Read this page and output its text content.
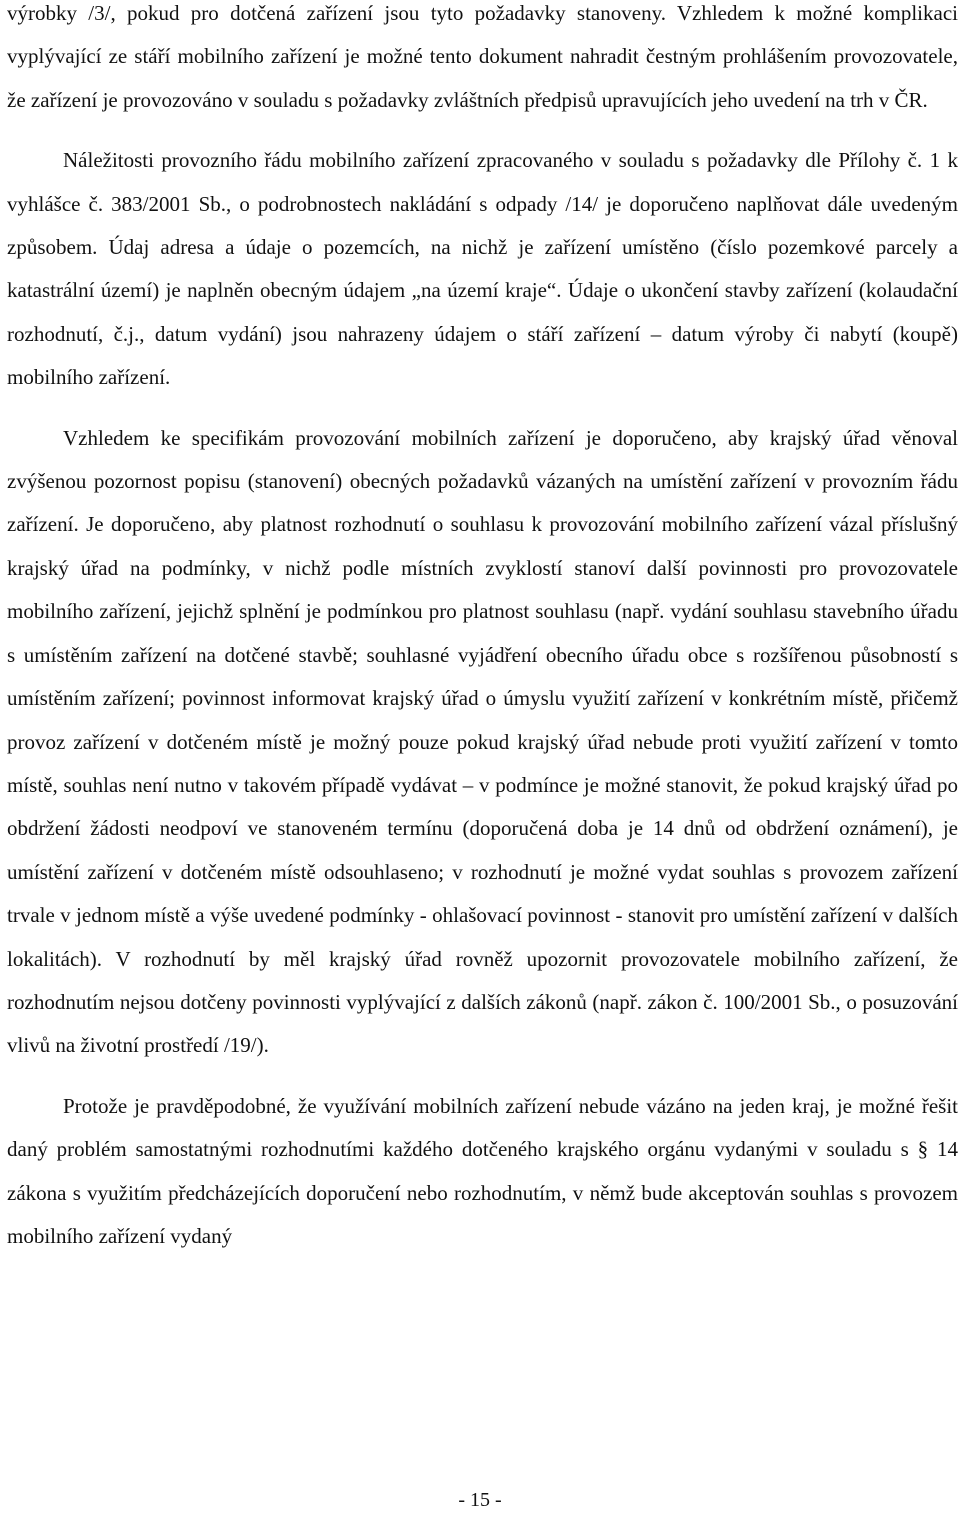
výrobky /3/, pokud pro dotčená zařízení jsou tyto požadavky stanoveny. Vzhledem k možné komplikaci vyplývající ze stáří mobilního zařízení je možné tento dokument nahradit čestným prohlášením provozovatele, že zařízení je provozováno v souladu s požadavky zvláštních předpisů upravujících jeho uvedení na trh v ČR.

Náležitosti provozního řádu mobilního zařízení zpracovaného v souladu s požadavky dle Přílohy č. 1 k vyhlášce č. 383/2001 Sb., o podrobnostech nakládání s odpady /14/ je doporučeno naplňovat dále uvedeným způsobem. Údaj adresa a údaje o pozemcích, na nichž je zařízení umístěno (číslo pozemkové parcely a katastrální území) je naplněn obecným údajem „na území kraje“. Údaje o ukončení stavby zařízení (kolaudační rozhodnutí, č.j., datum vydání) jsou nahrazeny údajem o stáří zařízení – datum výroby či nabytí (koupě) mobilního zařízení.

Vzhledem ke specifikám provozování mobilních zařízení je doporučeno, aby krajský úřad věnoval zvýšenou pozornost popisu (stanovení) obecných požadavků vázaných na umístění zařízení v provozním řádu zařízení. Je doporučeno, aby platnost rozhodnutí o souhlasu k provozování mobilního zařízení vázal příslušný krajský úřad na podmínky, v nichž podle místních zvyklostí stanoví další povinnosti pro provozovatele mobilního zařízení, jejichž splnění je podmínkou pro platnost souhlasu (např. vydání souhlasu stavebního úřadu s umístěním zařízení na dotčené stavbě; souhlasné vyjádření obecního úřadu obce s rozšířenou působností s umístěním zařízení; povinnost informovat krajský úřad o úmyslu využití zařízení v konkrétním místě, přičemž provoz zařízení v dotčeném místě je možný pouze pokud krajský úřad nebude proti využití zařízení v tomto místě, souhlas není nutno v takovém případě vydávat – v podmínce je možné stanovit, že pokud krajský úřad po obdržení žádosti neodpoví ve stanoveném termínu (doporučená doba je 14 dnů od obdržení oznámení), je umístění zařízení v dotčeném místě odsouhlaseno; v rozhodnutí je možné vydat souhlas s provozem zařízení trvale v jednom místě a výše uvedené podmínky - ohlašovací povinnost - stanovit pro umístění zařízení v dalších lokalitách). V rozhodnutí by měl krajský úřad rovněž upozornit provozovatele mobilního zařízení, že rozhodnutím nejsou dotčeny povinnosti vyplývající z dalších zákonů (např. zákon č. 100/2001 Sb., o posuzování vlivů na životní prostředí /19/).

Protože je pravděpodobné, že využívání mobilních zařízení nebude vázáno na jeden kraj, je možné řešit daný problém samostatnými rozhodnutími každého dotčeného krajského orgánu vydanými v souladu s § 14 zákona s využitím předcházejících doporučení nebo rozhodnutím, v němž bude akceptován souhlas s provozem mobilního zařízení vydaný

- 15 -
